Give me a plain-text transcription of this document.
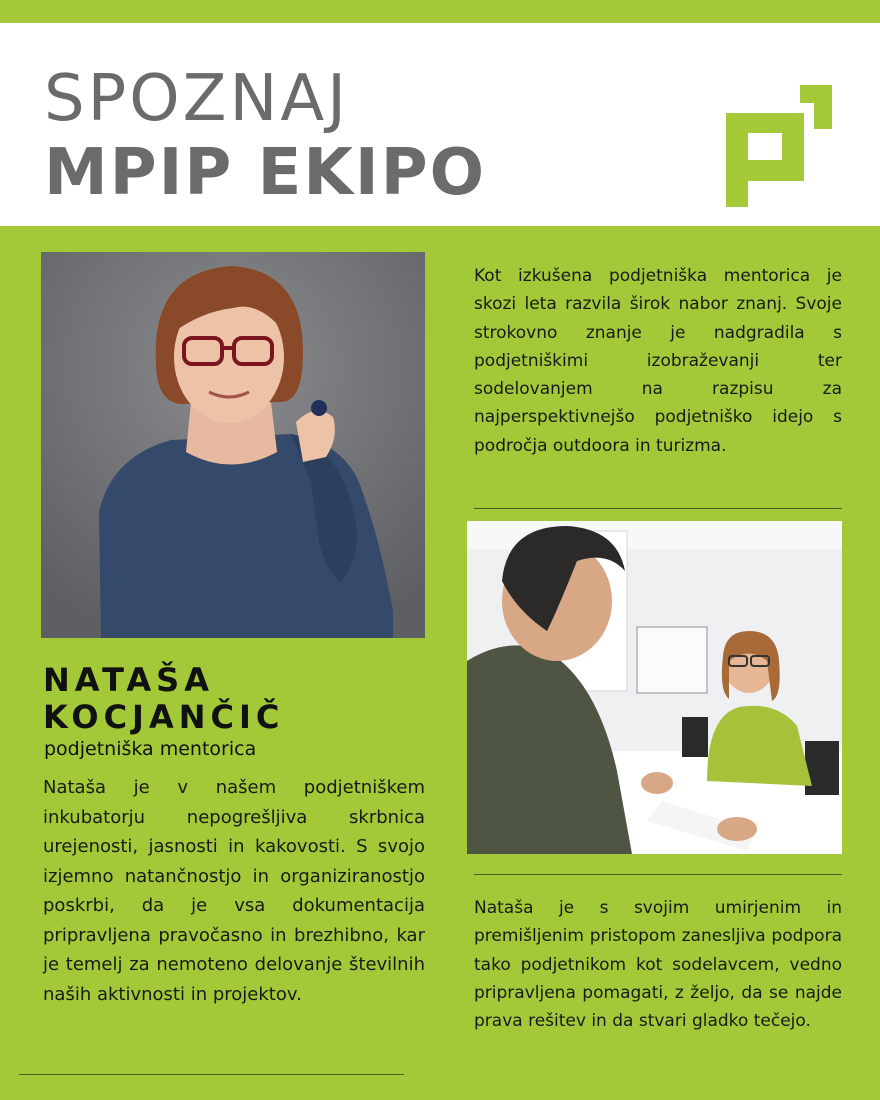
SPOZNAJ
MPIP EKIPO
Kot izkušena podjetniška mentorica je skozi leta razvila širok nabor znanj. Svoje strokovno znanje je nadgradila s podjetniškimi izobraževanji ter sodelovanjem na razpisu za najperspektivnejšo podjetniško idejo s področja outdoora in turizma.
Nataša je s svojim umirjenim in premišljenim pristopom zanesljiva podpora tako podjetnikom kot sodelavcem, vedno pripravljena pomagati, z željo, da se najde prava rešitev in da stvari gladko tečejo.
NATAŠA
KOCJANČIČ
podjetniška mentorica
Nataša je v našem podjetniškem inkubatorju nepogrešljiva skrbnica urejenosti, jasnosti in kakovosti. S svojo izjemno natančnostjo in organiziranostjo poskrbi, da je vsa dokumentacija pripravljena pravočasno in brezhibno, kar je temelj za nemoteno delovanje številnih naših aktivnosti in projektov.
